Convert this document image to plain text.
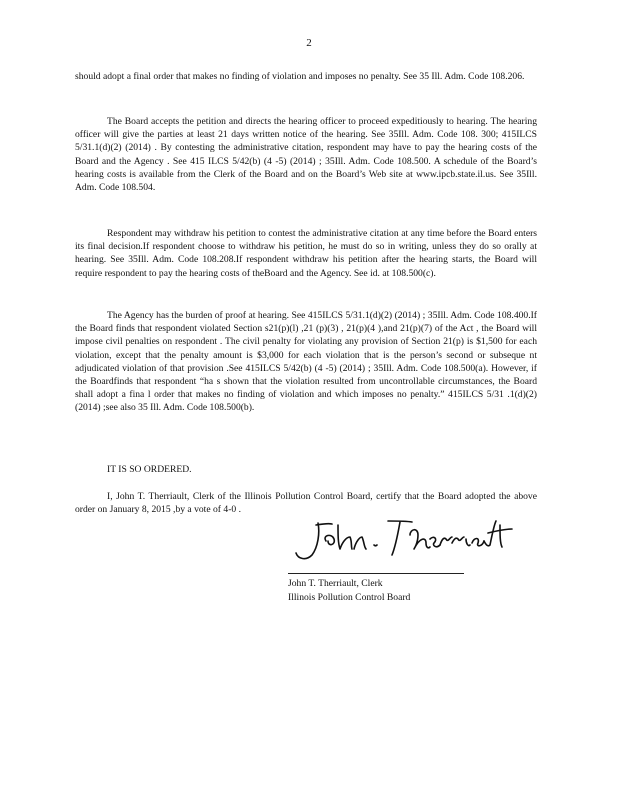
2

should adopt a final order that makes no finding of violation and imposes no penalty. See 35 Ill. Adm. Code 108.206.

The Board accepts the petition and directs the hearing officer to proceed expeditiously to hearing. The hearing officer will give the parties at least 21 days written notice of the hearing. See 35Ill. Adm. Code 108. 300; 415ILCS 5/31.1(d)(2) (2014) . By contesting the administrative citation, respondent may have to pay the hearing costs of the Board and the Agency . See 415 ILCS 5/42(b) (4 -5) (2014) ; 35Ill. Adm. Code 108.500. A schedule of the Board’s hearing costs is available from the Clerk of the Board and on the Board’s Web site at www.ipcb.state.il.us. See 35Ill. Adm. Code 108.504.

Respondent may withdraw his petition to contest the administrative citation at any time before the Board enters its final decision.If respondent choose to withdraw his petition, he must do so in writing, unless they do so orally at hearing. See 35Ill. Adm. Code 108.208.If respondent withdraw his petition after the hearing starts, the Board will require respondent to pay the hearing costs of theBoard and the Agency. See id. at 108.500(c).

The Agency has the burden of proof at hearing. See 415ILCS 5/31.1(d)(2) (2014) ; 35Ill. Adm. Code 108.400.If the Board finds that respondent violated Section s21(p)(l) ,21 (p)(3) , 21(p)(4 ),and 21(p)(7) of the Act , the Board will impose civil penalties on respondent . The civil penalty for violating any provision of Section 21(p) is $1,500 for each violation, except that the penalty amount is $3,000 for each violation that is the person’s second or subseque nt adjudicated violation of that provision .See 415ILCS 5/42(b) (4 -5) (2014) ; 35Ill. Adm. Code 108.500(a). However, if the Boardfinds that respondent “ha s shown that the violation resulted from uncontrollable circumstances, the Board shall adopt a fina l order that makes no finding of violation and which imposes no penalty.” 415ILCS 5/31 .1(d)(2) (2014) ;see also 35 Ill. Adm. Code 108.500(b).

IT IS SO ORDERED.

I, John T. Therriault, Clerk of the Illinois Pollution Control Board, certify that the Board adopted the above order on January 8, 2015 ,by a vote of 4-0 .

John T. Therriault, Clerk
Illinois Pollution Control Board
